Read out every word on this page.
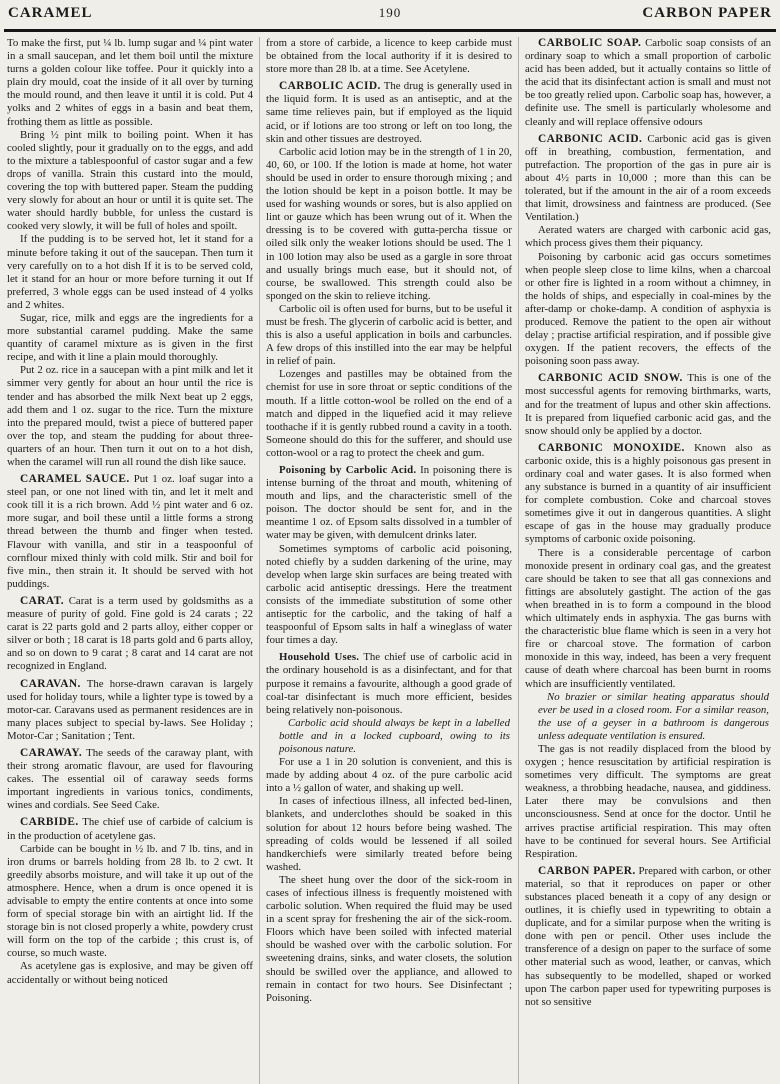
CARAMEL	190	CARBON PAPER

To make the first, put ¼ lb. lump sugar and ¼ pint water in a small saucepan, and let them boil until the mixture turns a golden colour like toffee. Pour it quickly into a plain dry mould, coat the inside of it all over by turning the mould round, and then leave it until it is cold. Put 4 yolks and 2 whites of eggs in a basin and beat them, frothing them as little as possible.

Bring ½ pint milk to boiling point. When it has cooled slightly, pour it gradually on to the eggs, and add to the mixture a tablespoonful of castor sugar and a few drops of vanilla. Strain this custard into the mould, covering the top with buttered paper. Steam the pudding very slowly for about an hour or until it is quite set. The water should hardly bubble, for unless the custard is cooked very slowly, it will be full of holes and spoilt.

If the pudding is to be served hot, let it stand for a minute before taking it out of the saucepan. Then turn it very carefully on to a hot dish If it is to be served cold, let it stand for an hour or more before turning it out If preferred, 3 whole eggs can be used instead of 4 yolks and 2 whites.

Sugar, rice, milk and eggs are the ingredients for a more substantial caramel pudding. Make the same quantity of caramel mixture as is given in the first recipe, and with it line a plain mould thoroughly.

Put 2 oz. rice in a saucepan with a pint milk and let it simmer very gently for about an hour until the rice is tender and has absorbed the milk Next beat up 2 eggs, add them and 1 oz. sugar to the rice. Turn the mixture into the prepared mould, twist a piece of buttered paper over the top, and steam the pudding for about three-quarters of an hour. Then turn it out on to a hot dish, when the caramel will run all round the dish like sauce.

CARAMEL SAUCE. Put 1 oz. loaf sugar into a steel pan, or one not lined with tin, and let it melt and cook till it is a rich brown. Add ½ pint water and 6 oz. more sugar, and boil these until a little forms a strong thread between the thumb and finger when tested. Flavour with vanilla, and stir in a teaspoonful of cornflour mixed thinly with cold milk. Stir and boil for five min., then strain it. It should be served with hot puddings.

CARAT. Carat is a term used by goldsmiths as a measure of purity of gold. Fine gold is 24 carats ; 22 carat is 22 parts gold and 2 parts alloy, either copper or silver or both ; 18 carat is 18 parts gold and 6 parts alloy, and so on down to 9 carat ; 8 carat and 14 carat are not recognized in England.

CARAVAN. The horse-drawn caravan is largely used for holiday tours, while a lighter type is towed by a motor-car. Caravans used as permanent residences are in many places subject to special by-laws. See Holiday ; Motor-Car ; Sanitation ; Tent.

CARAWAY. The seeds of the caraway plant, with their strong aromatic flavour, are used for flavouring cakes. The essential oil of caraway seeds forms important ingredients in various tonics, condiments, wines and cordials. See Seed Cake.

CARBIDE. The chief use of carbide of calcium is in the production of acetylene gas.

Carbide can be bought in ½ lb. and 7 lb. tins, and in iron drums or barrels holding from 28 lb. to 2 cwt. It greedily absorbs moisture, and will take it up out of the atmosphere. Hence, when a drum is once opened it is advisable to empty the entire contents at once into some form of special storage bin with an airtight lid. If the storage bin is not closed properly a white, powdery crust will form on the top of the carbide ; this crust is, of course, so much waste.

As acetylene gas is explosive, and may be given off accidentally or without being noticed

from a store of carbide, a licence to keep carbide must be obtained from the local authority if it is desired to store more than 28 lb. at a time. See Acetylene.

CARBOLIC ACID. The drug is generally used in the liquid form. It is used as an antiseptic, and at the same time relieves pain, but if employed as the liquid acid, or if lotions are too strong or left on too long, the skin and other tissues are destroyed.

Carbolic acid lotion may be in the strength of 1 in 20, 40, 60, or 100. If the lotion is made at home, hot water should be used in order to ensure thorough mixing ; and the lotion should be kept in a poison bottle. It may be used for washing wounds or sores, but is also applied on lint or gauze which has been wrung out of it. When the dressing is to be covered with gutta-percha tissue or oiled silk only the weaker lotions should be used. The 1 in 100 lotion may also be used as a gargle in sore throat and usually brings much ease, but it should not, of course, be swallowed. This strength could also be sponged on the skin to relieve itching.

Carbolic oil is often used for burns, but to be useful it must be fresh. The glycerin of carbolic acid is better, and this is also a useful application in boils and carbuncles. A few drops of this instilled into the ear may be helpful in relief of pain.

Lozenges and pastilles may be obtained from the chemist for use in sore throat or septic conditions of the mouth. If a little cotton-wool be rolled on the end of a match and dipped in the liquefied acid it may relieve toothache if it is gently rubbed round a cavity in a tooth. Someone should do this for the sufferer, and should use cotton-wool or a rag to protect the cheek and gum.

Poisoning by Carbolic Acid. In poisoning there is intense burning of the throat and mouth, whitening of mouth and lips, and the characteristic smell of the poison. The doctor should be sent for, and in the meantime 1 oz. of Epsom salts dissolved in a tumbler of water may be given, with demulcent drinks later.

Sometimes symptoms of carbolic acid poisoning, noted chiefly by a sudden darkening of the urine, may develop when large skin surfaces are being treated with carbolic acid antiseptic dressings. Here the treatment consists of the immediate substitution of some other antiseptic for the carbolic, and the taking of half a teaspoonful of Epsom salts in half a wineglass of water four times a day.

Household Uses. The chief use of carbolic acid in the ordinary household is as a disinfectant, and for that purpose it remains a favourite, although a good grade of coal-tar disinfectant is much more efficient, besides being relatively non-poisonous.

Carbolic acid should always be kept in a labelled bottle and in a locked cupboard, owing to its poisonous nature.

For use a 1 in 20 solution is convenient, and this is made by adding about 4 oz. of the pure carbolic acid into a ½ gallon of water, and shaking up well.

In cases of infectious illness, all infected bed-linen, blankets, and underclothes should be soaked in this solution for about 12 hours before being washed. The spreading of colds would be lessened if all soiled handkerchiefs were similarly treated before being washed.

The sheet hung over the door of the sick-room in cases of infectious illness is frequently moistened with carbolic solution. When required the fluid may be used in a scent spray for freshening the air of the sick-room. Floors which have been soiled with infected material should be washed over with the carbolic solution. For sweetening drains, sinks, and water closets, the solution should be swilled over the appliance, and allowed to remain in contact for two hours. See Disinfectant ; Poisoning.

CARBOLIC SOAP. Carbolic soap consists of an ordinary soap to which a small proportion of carbolic acid has been added, but it actually contains so little of the acid that its disinfectant action is small and must not be too greatly relied upon. Carbolic soap has, however, a definite use. The smell is particularly wholesome and cleanly and will replace offensive odours

CARBONIC ACID. Carbonic acid gas is given off in breathing, combustion, fermentation, and putrefaction. The proportion of the gas in pure air is about 4½ parts in 10,000 ; more than this can be tolerated, but if the amount in the air of a room exceeds that limit, drowsiness and faintness are produced. (See Ventilation.)

Aerated waters are charged with carbonic acid gas, which process gives them their piquancy.

Poisoning by carbonic acid gas occurs sometimes when people sleep close to lime kilns, when a charcoal or other fire is lighted in a room without a chimney, in the holds of ships, and especially in coal-mines by the after-damp or choke-damp. A condition of asphyxia is produced. Remove the patient to the open air without delay ; practise artificial respiration, and if possible give oxygen. If the patient recovers, the effects of the poisoning soon pass away.

CARBONIC ACID SNOW. This is one of the most successful agents for removing birthmarks, warts, and for the treatment of lupus and other skin affections. It is prepared from liquefied carbonic acid gas, and the snow should only be applied by a doctor.

CARBONIC MONOXIDE. Known also as carbonic oxide, this is a highly poisonous gas present in ordinary coal and water gases. It is also formed when any substance is burned in a quantity of air insufficient for complete combustion. Coke and charcoal stoves sometimes give it out in dangerous quantities. A slight escape of gas in the house may gradually produce symptoms of carbonic oxide poisoning.

There is a considerable percentage of carbon monoxide present in ordinary coal gas, and the greatest care should be taken to see that all gas connexions and fittings are absolutely gastight. The action of the gas when breathed in is to form a compound in the blood which ultimately ends in asphyxia. The gas burns with the characteristic blue flame which is seen in a very hot fire or charcoal stove. The formation of carbon monoxide in this way, indeed, has been a very frequent cause of death where charcoal has been burnt in rooms which are insufficiently ventilated.

No brazier or similar heating apparatus should ever be used in a closed room. For a similar reason, the use of a geyser in a bathroom is dangerous unless adequate ventilation is ensured.

The gas is not readily displaced from the blood by oxygen ; hence resuscitation by artificial respiration is sometimes very difficult. The symptoms are great weakness, a throbbing headache, nausea, and giddiness. Later there may be convulsions and then unconsciousness. Send at once for the doctor. Until he arrives practise artificial respiration. This may often have to be continued for several hours. See Artificial Respiration.

CARBON PAPER. Prepared with carbon, or other material, so that it reproduces on paper or other substances placed beneath it a copy of any design or outlines, it is chiefly used in typewriting to obtain a duplicate, and for a similar purpose when the writing is done with pen or pencil. Other uses include the transference of a design on paper to the surface of some other material such as wood, leather, or canvas, which has subsequently to be modelled, shaped or worked upon The carbon paper used for typewriting purposes is not so sensitive
